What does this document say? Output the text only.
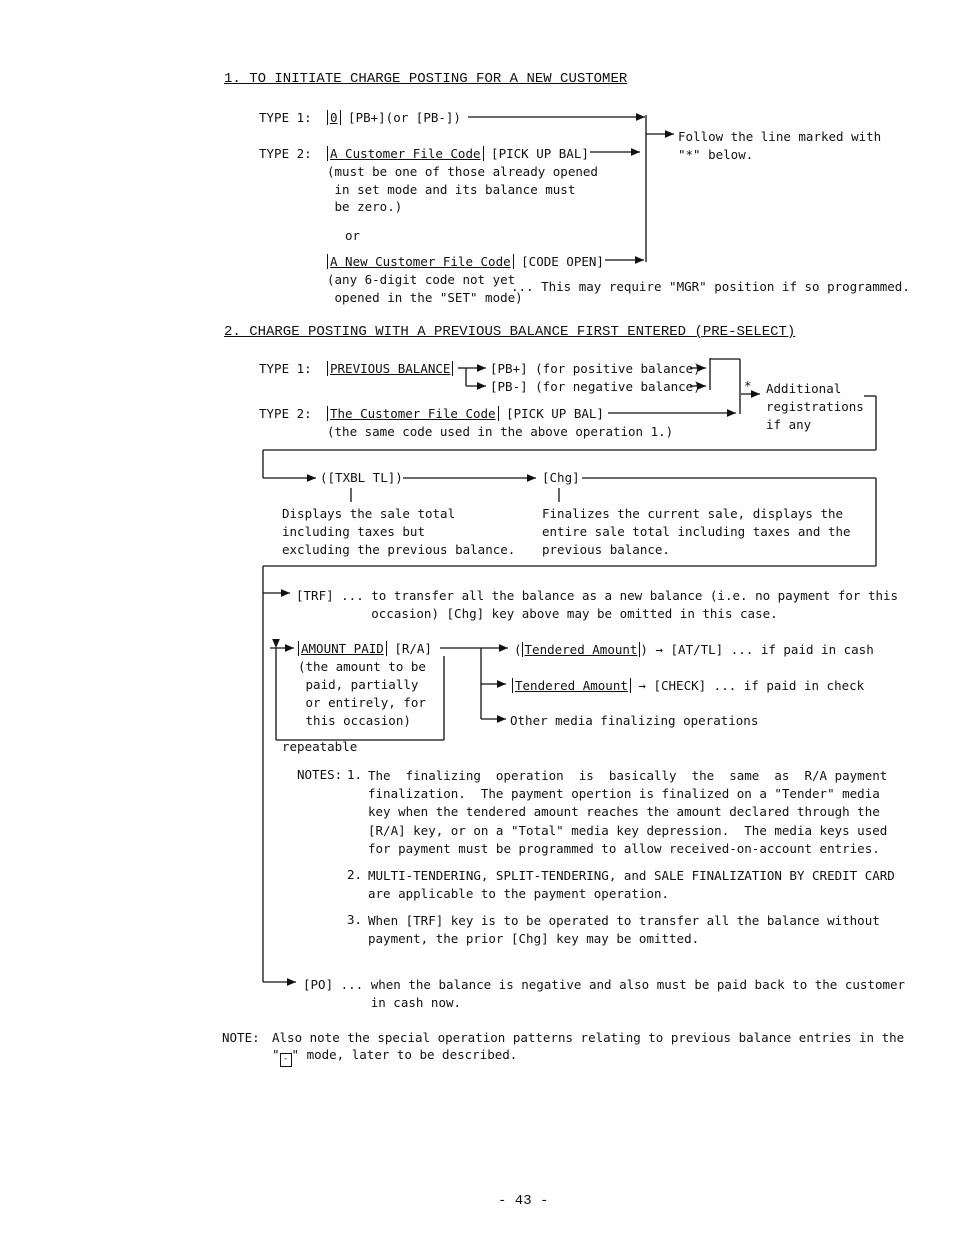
1. TO INITIATE CHARGE POSTING FOR A NEW CUSTOMER
TYPE 1: 0 [PB+](or [PB-])
TYPE 2: A Customer File Code [PICK UP BAL]
(must be one of those already opened
in set mode and its balance must
be zero.)
or
A New Customer File Code [CODE OPEN]
(any 6-digit code not yet
opened in the "SET" mode)
... This may require "MGR" position if so programmed.
Follow the line marked with
"*" below.
2. CHARGE POSTING WITH A PREVIOUS BALANCE FIRST ENTERED (PRE-SELECT)
TYPE 1: PREVIOUS BALANCE	[PB+] (for positive balance)
[PB-] (for negative balance)
TYPE 2: The Customer File Code [PICK UP BAL]
(the same code used in the above operation 1.)
* Additional
registrations
if any
([TXBL TL])	[Chg]
Displays the sale total
including taxes but
excluding the previous balance.
Finalizes the current sale, displays the
entire sale total including taxes and the
previous balance.
[TRF] ... to transfer all the balance as a new balance (i.e. no payment for this
occasion) [Chg] key above may be omitted in this case.
AMOUNT PAID [R/A]
(the amount to be
paid, partially
or entirely, for
this occasion)
repeatable
( Tendered Amount ) → [AT/TL] ... if paid in cash
Tendered Amount → [CHECK] ... if paid in check
Other media finalizing operations
NOTES: 1. The  finalizing  operation  is  basically  the  same  as  R/A payment
finalization.  The payment opertion is finalized on a "Tender" media
key when the tendered amount reaches the amount declared through the
[R/A] key, or on a "Total" media key depression.  The media keys used
for payment must be programmed to allow received-on-account entries.
2. MULTI-TENDERING, SPLIT-TENDERING, and SALE FINALIZATION BY CREDIT CARD
are applicable to the payment operation.
3. When [TRF] key is to be operated to transfer all the balance without
payment, the prior [Chg] key may be omitted.
[PO] ... when the balance is negative and also must be paid back to the customer
in cash now.
NOTE: Also note the special operation patterns relating to previous balance entries in the
" - " mode, later to be described.
- 43 -
